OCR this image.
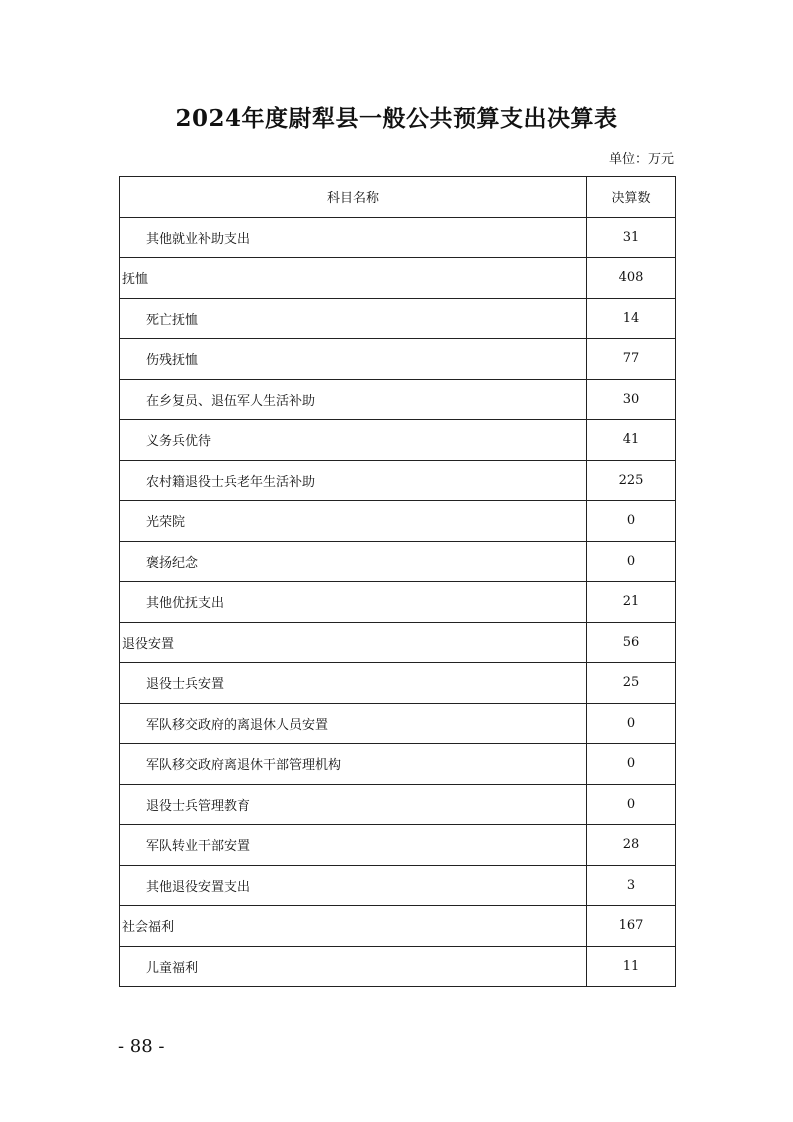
2024年度尉犁县一般公共预算支出决算表
单位：万元
科目名称	决算数
其他就业补助支出	31
抚恤	408
死亡抚恤	14
伤残抚恤	77
在乡复员、退伍军人生活补助	30
义务兵优待	41
农村籍退役士兵老年生活补助	225
光荣院	0
褒扬纪念	0
其他优抚支出	21
退役安置	56
退役士兵安置	25
军队移交政府的离退休人员安置	0
军队移交政府离退休干部管理机构	0
退役士兵管理教育	0
军队转业干部安置	28
其他退役安置支出	3
社会福利	167
儿童福利	11
- 88 -
